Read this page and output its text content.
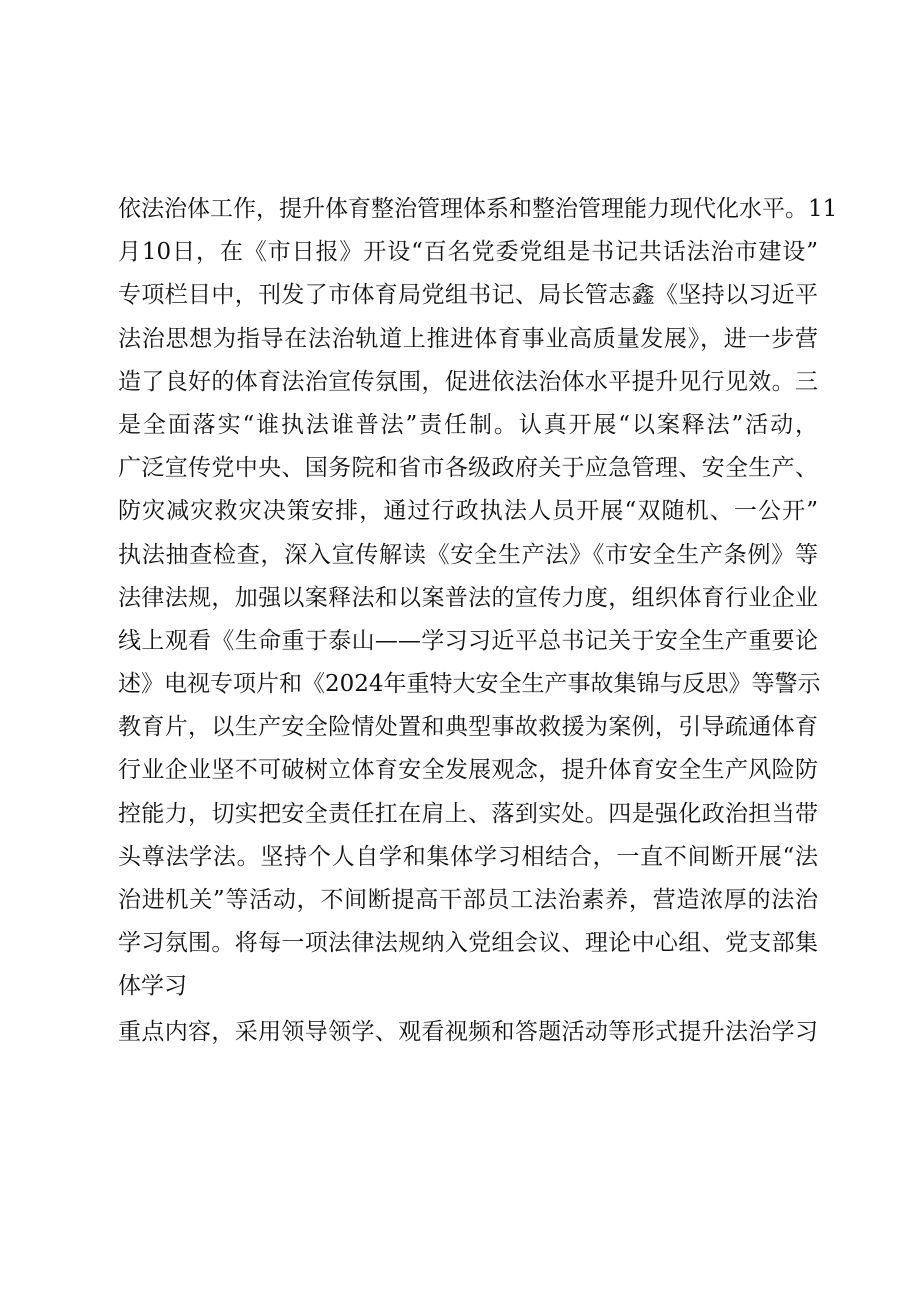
依法治体工作，提升体育整治管理体系和整治管理能力现代化水平。11
月10日，在《市日报》开设“百名党委党组是书记共话法治市建设”
专项栏目中，刊发了市体育局党组书记、局长管志鑫《坚持以习近平
法治思想为指导在法治轨道上推进体育事业高质量发展》，进一步营
造了良好的体育法治宣传氛围，促进依法治体水平提升见行见效。三
是全面落实“谁执法谁普法”责任制。认真开展“以案释法”活动，
广泛宣传党中央、国务院和省市各级政府关于应急管理、安全生产、
防灾减灾救灾决策安排，通过行政执法人员开展“双随机、一公开”
执法抽查检查，深入宣传解读《安全生产法》《市安全生产条例》等
法律法规，加强以案释法和以案普法的宣传力度，组织体育行业企业
线上观看《生命重于泰山——学习习近平总书记关于安全生产重要论
述》电视专项片和《2024年重特大安全生产事故集锦与反思》等警示
教育片，以生产安全险情处置和典型事故救援为案例，引导疏通体育
行业企业坚不可破树立体育安全发展观念，提升体育安全生产风险防
控能力，切实把安全责任扛在肩上、落到实处。四是强化政治担当带
头尊法学法。坚持个人自学和集体学习相结合，一直不间断开展“法
治进机关”等活动，不间断提高干部员工法治素养，营造浓厚的法治
学习氛围。将每一项法律法规纳入党组会议、理论中心组、党支部集
体学习
重点内容，采用领导领学、观看视频和答题活动等形式提升法治学习
